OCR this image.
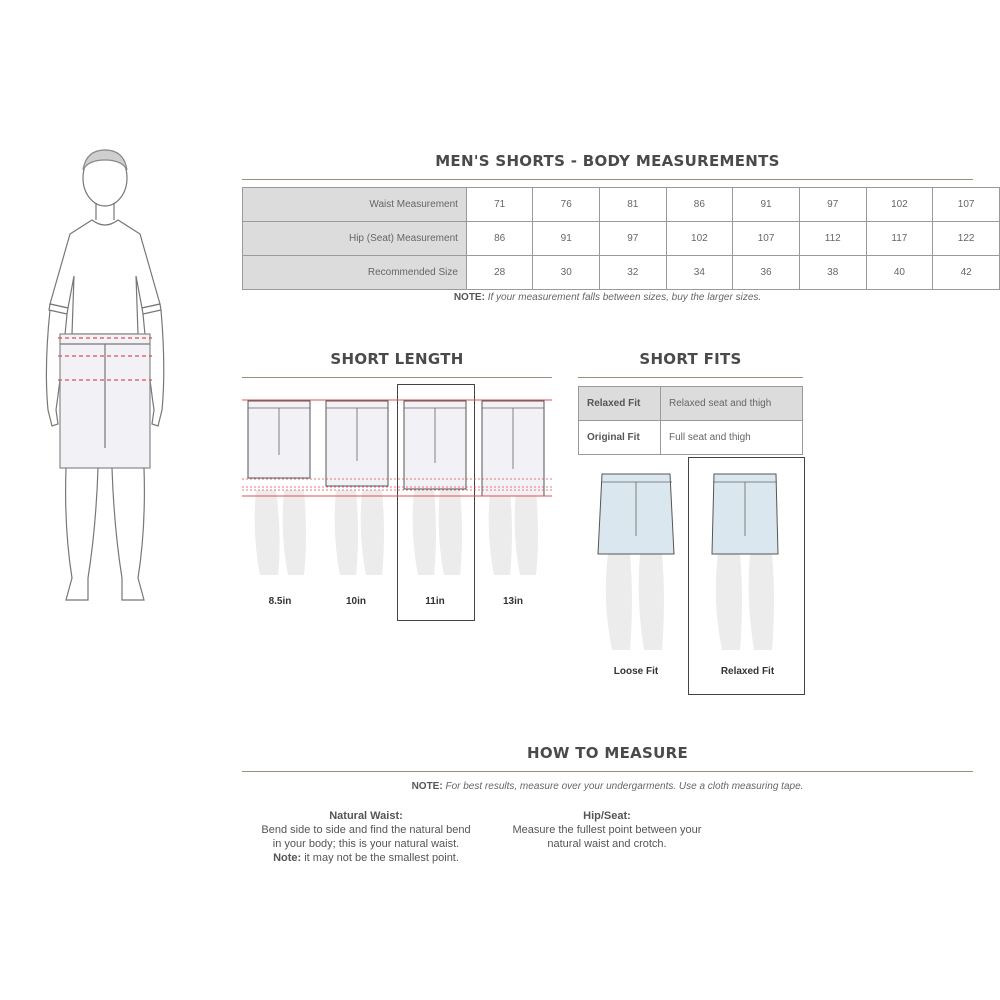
MEN'S SHORTS - BODY MEASUREMENTS
Waist Measurement	71	76	81	86	91	97	102	107
Hip (Seat) Measurement	86	91	97	102	107	112	117	122
Recommended Size	28	30	32	34	36	38	40	42
NOTE: If your measurement falls between sizes, buy the larger sizes.
SHORT LENGTH
8.5in	10in	11in	13in
SHORT FITS
Relaxed Fit	Relaxed seat and thigh
Original Fit	Full seat and thigh
Loose Fit	Relaxed Fit
HOW TO MEASURE
NOTE: For best results, measure over your undergarments. Use a cloth measuring tape.
Natural Waist:
Bend side to side and find the natural bend
in your body; this is your natural waist.
Note: it may not be the smallest point.
Hip/Seat:
Measure the fullest point between your
natural waist and crotch.
